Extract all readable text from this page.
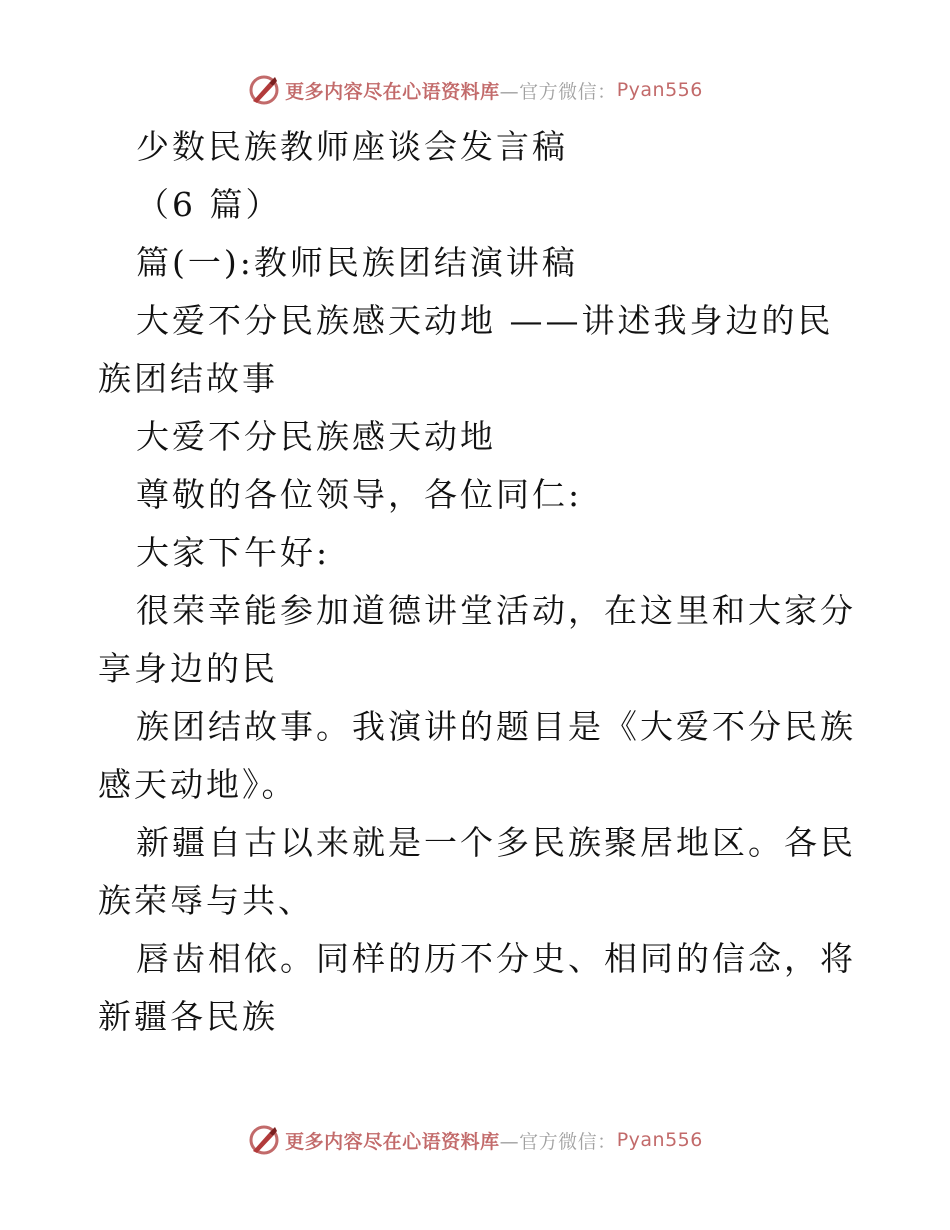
更多内容尽在心语资料库 —官方微信： Pyan556

少数民族教师座谈会发言稿

（6 篇）

篇(一):教师民族团结演讲稿

大爱不分民族感天动地 ——讲述我身边的民族团结故事

大爱不分民族感天动地

尊敬的各位领导，各位同仁:

大家下午好:

很荣幸能参加道德讲堂活动，在这里和大家分享身边的民

族团结故事。我演讲的题目是《大爱不分民族感天动地》。

新疆自古以来就是一个多民族聚居地区。各民族荣辱与共、

唇齿相依。同样的历不分史、相同的信念，将新疆各民族

更多内容尽在心语资料库 —官方微信： Pyan556
